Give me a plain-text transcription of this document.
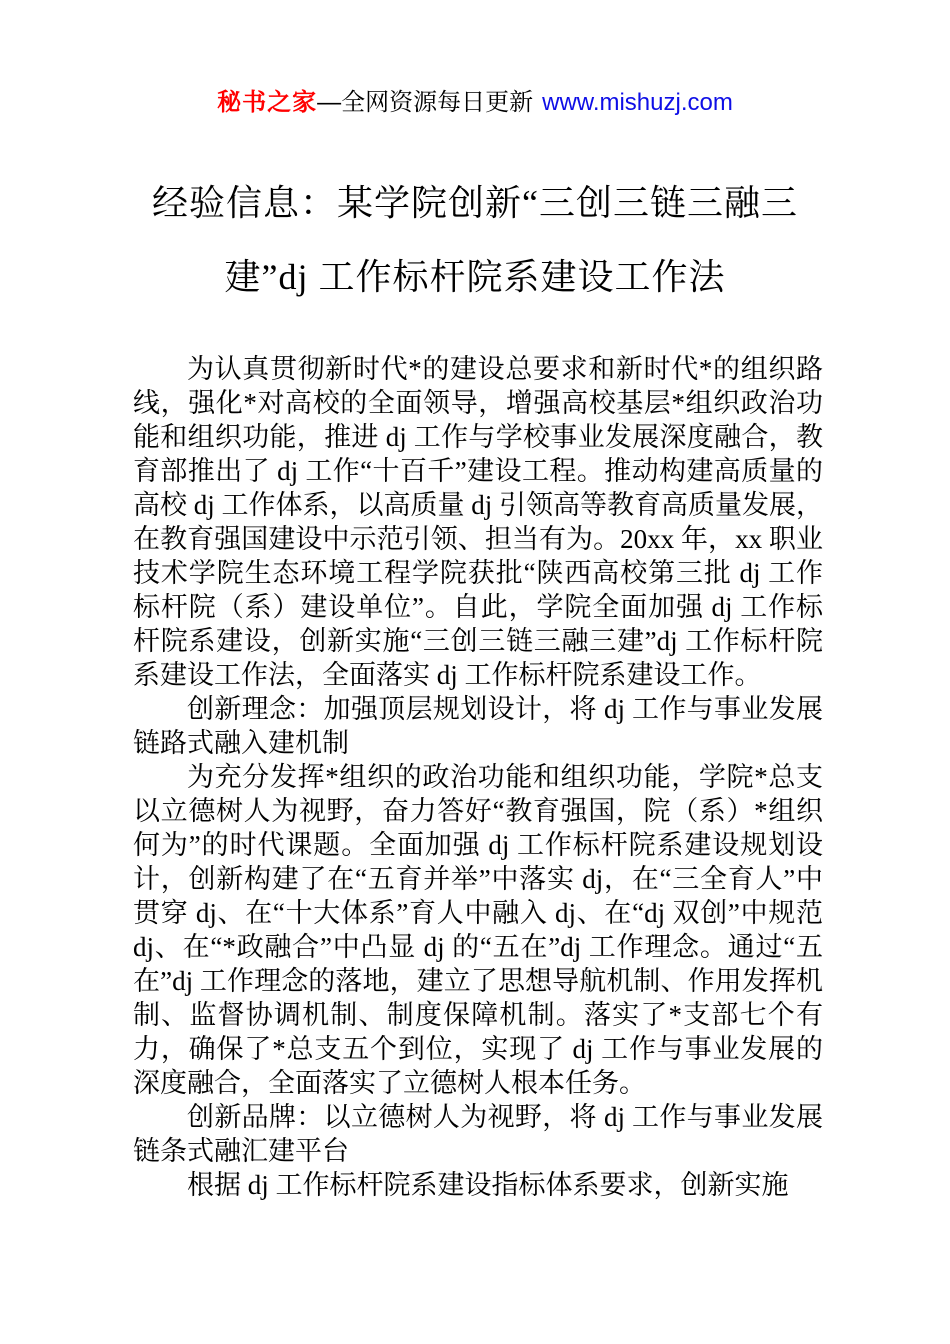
秘书之家—全网资源每日更新 www.mishuzj.com
经验信息：某学院创新“三创三链三融三
建”dj 工作标杆院系建设工作法

为认真贯彻新时代*的建设总要求和新时代*的组织路线，强化*对高校的全面领导，增强高校基层*组织政治功能和组织功能，推进 dj 工作与学校事业发展深度融合，教育部推出了 dj 工作“十百千”建设工程。推动构建高质量的高校 dj 工作体系，以高质量 dj 引领高等教育高质量发展，在教育强国建设中示范引领、担当有为。20xx 年，xx 职业技术学院生态环境工程学院获批“陕西高校第三批 dj 工作标杆院（系）建设单位”。自此，学院全面加强 dj 工作标杆院系建设，创新实施“三创三链三融三建”dj 工作标杆院系建设工作法，全面落实 dj 工作标杆院系建设工作。

创新理念：加强顶层规划设计，将 dj 工作与事业发展链路式融入建机制

为充分发挥*组织的政治功能和组织功能，学院*总支以立德树人为视野，奋力答好“教育强国，院（系）*组织何为”的时代课题。全面加强 dj 工作标杆院系建设规划设计，创新构建了在“五育并举”中落实 dj，在“三全育人”中贯穿 dj、在“十大体系”育人中融入 dj、在“dj 双创”中规范 dj、在“*政融合”中凸显 dj 的“五在”dj 工作理念。通过“五在”dj 工作理念的落地，建立了思想导航机制、作用发挥机制、监督协调机制、制度保障机制。落实了*支部七个有力，确保了*总支五个到位，实现了 dj 工作与事业发展的深度融合，全面落实了立德树人根本任务。

创新品牌：以立德树人为视野，将 dj 工作与事业发展链条式融汇建平台

根据 dj 工作标杆院系建设指标体系要求，创新实施
